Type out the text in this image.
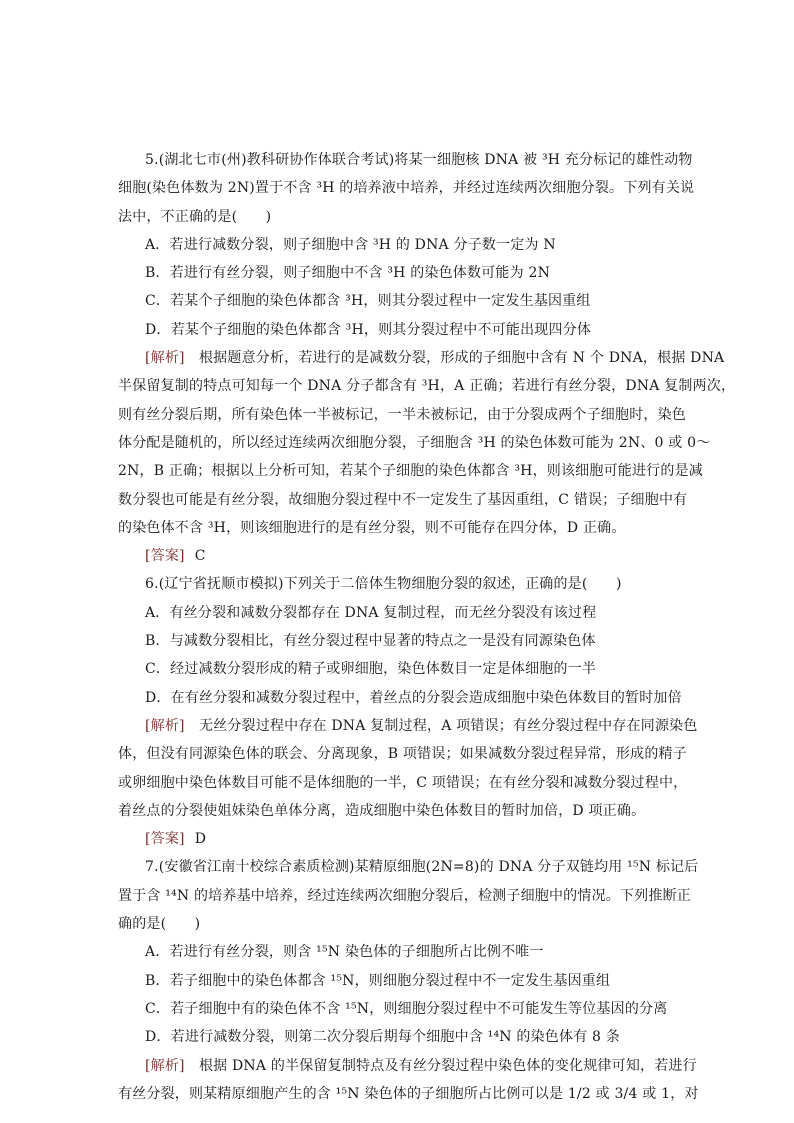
5.(湖北七市(州)教科研协作体联合考试)将某一细胞核 DNA 被 ³H 充分标记的雄性动物
细胞(染色体数为 2N)置于不含 ³H 的培养液中培养，并经过连续两次细胞分裂。下列有关说
法中，不正确的是(　　)
A．若进行减数分裂，则子细胞中含 ³H 的 DNA 分子数一定为 N
B．若进行有丝分裂，则子细胞中不含 ³H 的染色体数可能为 2N
C．若某个子细胞的染色体都含 ³H，则其分裂过程中一定发生基因重组
D．若某个子细胞的染色体都含 ³H，则其分裂过程中不可能出现四分体
[解析]　 根据题意分析，若进行的是减数分裂，形成的子细胞中含有 N 个 DNA，根据 DNA
半保留复制的特点可知每一个 DNA 分子都含有 ³H，A 正确；若进行有丝分裂，DNA 复制两次，
则有丝分裂后期，所有染色体一半被标记，一半未被标记，由于分裂成两个子细胞时，染色
体分配是随机的，所以经过连续两次细胞分裂，子细胞含 ³H 的染色体数可能为 2N、0 或 0～
2N，B 正确；根据以上分析可知，若某个子细胞的染色体都含 ³H，则该细胞可能进行的是减
数分裂也可能是有丝分裂，故细胞分裂过程中不一定发生了基因重组，C 错误；子细胞中有
的染色体不含 ³H，则该细胞进行的是有丝分裂，则不可能存在四分体，D 正确。
[答案] C
6.(辽宁省抚顺市模拟)下列关于二倍体生物细胞分裂的叙述，正确的是(　　)
A．有丝分裂和减数分裂都存在 DNA 复制过程，而无丝分裂没有该过程
B．与减数分裂相比，有丝分裂过程中显著的特点之一是没有同源染色体
C．经过减数分裂形成的精子或卵细胞，染色体数目一定是体细胞的一半
D．在有丝分裂和减数分裂过程中，着丝点的分裂会造成细胞中染色体数目的暂时加倍
[解析]　 无丝分裂过程中存在 DNA 复制过程，A 项错误；有丝分裂过程中存在同源染色
体，但没有同源染色体的联会、分离现象，B 项错误；如果减数分裂过程异常，形成的精子
或卵细胞中染色体数目可能不是体细胞的一半，C 项错误；在有丝分裂和减数分裂过程中，
着丝点的分裂使姐妹染色单体分离，造成细胞中染色体数目的暂时加倍，D 项正确。
[答案] D
7.(安徽省江南十校综合素质检测)某精原细胞(2N=8)的 DNA 分子双链均用 ¹⁵N 标记后
置于含 ¹⁴N 的培养基中培养，经过连续两次细胞分裂后，检测子细胞中的情况。下列推断正
确的是(　　)
A．若进行有丝分裂，则含 ¹⁵N 染色体的子细胞所占比例不唯一
B．若子细胞中的染色体都含 ¹⁵N，则细胞分裂过程中不一定发生基因重组
C．若子细胞中有的染色体不含 ¹⁵N，则细胞分裂过程中不可能发生等位基因的分离
D．若进行减数分裂，则第二次分裂后期每个细胞中含 ¹⁴N 的染色体有 8 条
[解析]　 根据 DNA 的半保留复制特点及有丝分裂过程中染色体的变化规律可知，若进行
有丝分裂，则某精原细胞产生的含 ¹⁵N 染色体的子细胞所占比例可以是 1/2 或 3/4 或 1，对
